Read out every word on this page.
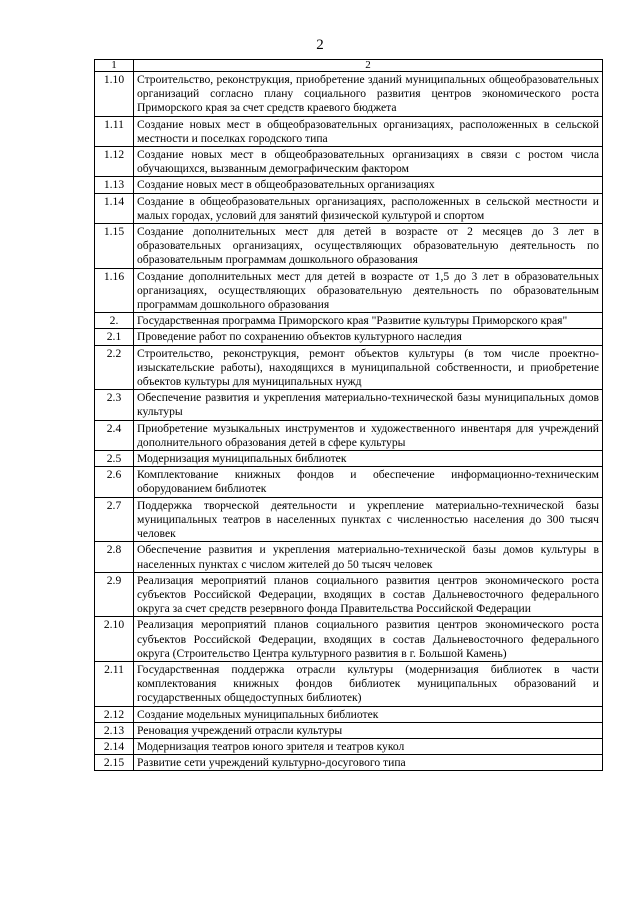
2
1	2
1.10	Строительство, реконструкция, приобретение зданий муниципальных общеобразовательных организаций согласно плану социального развития центров экономического роста Приморского края за счет средств краевого бюджета
1.11	Создание новых мест в общеобразовательных организациях, расположенных в сельской местности и поселках городского типа
1.12	Создание новых мест в общеобразовательных организациях в связи с ростом числа обучающихся, вызванным демографическим фактором
1.13	Создание новых мест в общеобразовательных организациях
1.14	Создание в общеобразовательных организациях, расположенных в сельской местности и малых городах, условий для занятий физической культурой и спортом
1.15	Создание дополнительных мест для детей в возрасте от 2 месяцев до 3 лет в образовательных организациях, осуществляющих образовательную деятельность по образовательным программам дошкольного образования
1.16	Создание дополнительных мест для детей в возрасте от 1,5 до 3 лет в образовательных организациях, осуществляющих образовательную деятельность по образовательным программам дошкольного образования
2.	Государственная программа Приморского края "Развитие культуры Приморского края"
2.1	Проведение работ по сохранению объектов культурного наследия
2.2	Строительство, реконструкция, ремонт объектов культуры (в том числе проектно-изыскательские работы), находящихся в муниципальной собственности, и приобретение объектов культуры для муниципальных нужд
2.3	Обеспечение развития и укрепления материально-технической базы муниципальных домов культуры
2.4	Приобретение музыкальных инструментов и художественного инвентаря для учреждений дополнительного образования детей в сфере культуры
2.5	Модернизация муниципальных библиотек
2.6	Комплектование книжных фондов и обеспечение информационно-техническим оборудованием библиотек
2.7	Поддержка творческой деятельности и укрепление материально-технической базы муниципальных театров в населенных пунктах с численностью населения до 300 тысяч человек
2.8	Обеспечение развития и укрепления материально-технической базы домов культуры в населенных пунктах с числом жителей до 50 тысяч человек
2.9	Реализация мероприятий планов социального развития центров экономического роста субъектов Российской Федерации, входящих в состав Дальневосточного федерального округа за счет средств резервного фонда Правительства Российской Федерации
2.10	Реализация мероприятий планов социального развития центров экономического роста субъектов Российской Федерации, входящих в состав Дальневосточного федерального округа (Строительство Центра культурного развития в г. Большой Камень)
2.11	Государственная поддержка отрасли культуры (модернизация библиотек в части комплектования книжных фондов библиотек муниципальных образований и государственных общедоступных библиотек)
2.12	Создание модельных муниципальных библиотек
2.13	Реновация учреждений отрасли культуры
2.14	Модернизация театров юного зрителя и театров кукол
2.15	Развитие сети учреждений культурно-досугового типа
